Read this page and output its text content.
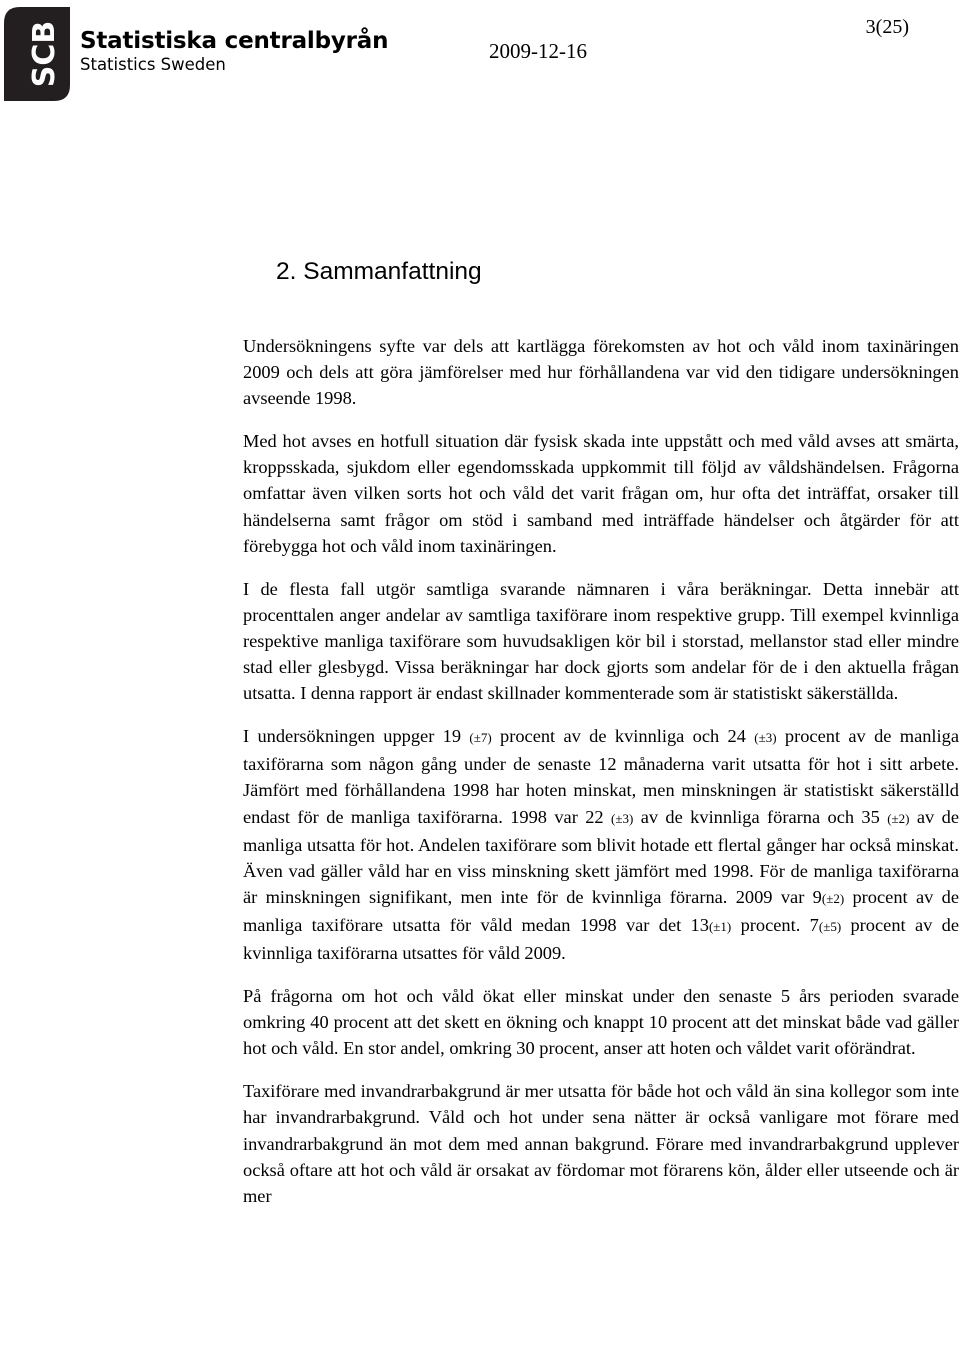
SCB Statistiska centralbyrån
Statistics Sweden
2009-12-16
3(25)
2. Sammanfattning

Undersökningens syfte var dels att kartlägga förekomsten av hot och våld inom taxinäringen 2009 och dels att göra jämförelser med hur förhållandena var vid den tidigare undersökningen avseende 1998.

Med hot avses en hotfull situation där fysisk skada inte uppstått och med våld avses att smärta, kroppsskada, sjukdom eller egendomsskada uppkommit till följd av våldshändelsen. Frågorna omfattar även vilken sorts hot och våld det varit frågan om, hur ofta det inträffat, orsaker till händelserna samt frågor om stöd i samband med inträffade händelser och åtgärder för att förebygga hot och våld inom taxinäringen.

I de flesta fall utgör samtliga svarande nämnaren i våra beräkningar. Detta innebär att procenttalen anger andelar av samtliga taxiförare inom respektive grupp. Till exempel kvinnliga respektive manliga taxiförare som huvudsakligen kör bil i storstad, mellanstor stad eller mindre stad eller glesbygd. Vissa beräkningar har dock gjorts som andelar för de i den aktuella frågan utsatta. I denna rapport är endast skillnader kommenterade som är statistiskt säkerställda.

I undersökningen uppger 19 (±7) procent av de kvinnliga och 24 (±3) procent av de manliga taxiförarna som någon gång under de senaste 12 månaderna varit utsatta för hot i sitt arbete. Jämfört med förhållandena 1998 har hoten minskat, men minskningen är statistiskt säkerställd endast för de manliga taxiförarna. 1998 var 22 (±3) av de kvinnliga förarna och 35 (±2) av de manliga utsatta för hot. Andelen taxiförare som blivit hotade ett flertal gånger har också minskat. Även vad gäller våld har en viss minskning skett jämfört med 1998. För de manliga taxiförarna är minskningen signifikant, men inte för de kvinnliga förarna. 2009 var 9(±2) procent av de manliga taxiförare utsatta för våld medan 1998 var det 13(±1) procent. 7(±5) procent av de kvinnliga taxiförarna utsattes för våld 2009.

På frågorna om hot och våld ökat eller minskat under den senaste 5 års perioden svarade omkring 40 procent att det skett en ökning och knappt 10 procent att det minskat både vad gäller hot och våld. En stor andel, omkring 30 procent, anser att hoten och våldet varit oförändrat.

Taxiförare med invandrarbakgrund är mer utsatta för både hot och våld än sina kollegor som inte har invandrarbakgrund. Våld och hot under sena nätter är också vanligare mot förare med invandrarbakgrund än mot dem med annan bakgrund. Förare med invandrarbakgrund upplever också oftare att hot och våld är orsakat av fördomar mot förarens kön, ålder eller utseende och är mer
